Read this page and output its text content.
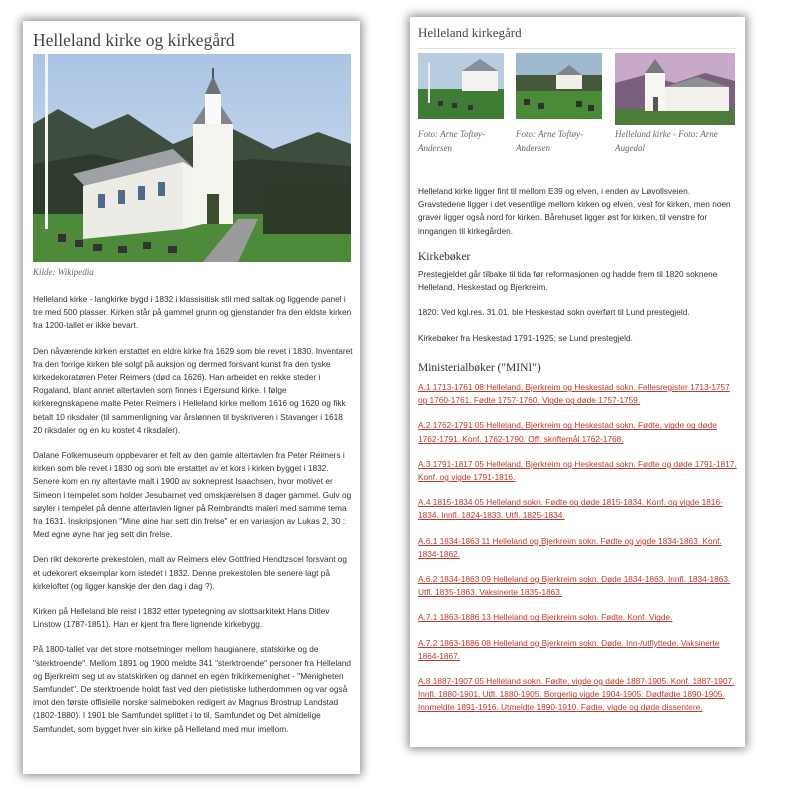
Helleland kirke og kirkegård
Kilde: Wikipedia

Helleland kirke - langkirke bygd i 1832 i klassisitisk stil med saltak og liggende panel i tre med 500 plasser. Kirken står på gammel grunn og gjenstander fra den eldste kirken fra 1200-tallet er ikke bevart.

Den nåværende kirken erstattet en eldre kirke fra 1629 som ble revet i 1830. Inventaret fra den forrige kirken ble solgt på auksjon og dermed forsvant kunst fra den tyske kirkedekoratøren Peter Reimers (død ca 1626). Han arbeidet en rekke steder i Rogaland, blant annet altertavlen som finnes i Egersund kirke. I følge kirkeregnskapene malte Peter Reimers i Helleland kirke mellom 1616 og 1620 og fikk betalt 10 riksdaler (til sammenligning var årslønnen til byskriveren i Stavanger i 1618 20 riksdaler og en ku kostet 4 riksdaler).

Dalane Folkemuseum oppbevarer et felt av den gamle altertavlen fra Peter Reimers i kirken som ble revet i 1830 og som ble erstattet av et kors i kirken bygget i 1832. Senere kom en ny altertavle malt i 1900 av sokneprest Isaachsen, hvor motivet er Simeon i tempelet som holder Jesubarnet ved omskjærelsen 8 dager gammel. Gulv og søyler i tempelet på denne altertavlen ligner på Rembrandts maleri med samme tema fra 1631. Inskripsjonen "Mine øine har sett din frelse" er en variasjon av Lukas 2, 30 : Med egne øyne har jeg sett din frelse.

Den rikt dekorerte prekestolen, malt av Reimers elev Gottfried Hendtzscel forsvant og et udekorert eksemplar kom istedet i 1832. Denne prekestolen ble senere lagt på kirkeloftet (og ligger kanskje der den dag i dag ?).

Kirken på Helleland ble reist i 1832 etter typetegning av slottsarkitekt Hans Ditlev Linstow (1787-1851). Han er kjent fra flere lignende kirkebygg.

På 1800-tallet var det store motsetninger mellom haugianere, statskirke og de "sterktroende". Mellom 1891 og 1900 meldte 341 "sterktroende" personer fra Helleland og Bjerkreim seg ut av statskirken og dannet en egen frikirkemenighet - "Menigheten Samfundet". De sterktroende holdt fast ved den pietistiske lutherdommen og var også imot den første offisielle norske salmeboken redigert av Magnus Brostrup Landstad (1802-1880). I 1901 ble Samfundet splittet i to til, Samfundet og Det almidelige Samfundet, som bygget hver sin kirke på Helleland med mur imellom.

Helleland kirkegård
Foto: Arne Toftøy-Andersen
Foto: Arne Toftøy-Andersen
Helleland kirke - Foto: Arne Augedal
Helleland kirke ligger fint til mellom E39 og elven, i enden av Løvollsveien. Gravstedene ligger i det vesentlige mellom kirken og elven, vest for kirken, men noen graver ligger også nord for kirken. Bårehuset ligger øst for kirken, til venstre for inngangen til kirkegården.
Kirkebøker

Prestegjeldet går tilbake til tida før reformasjonen og hadde frem til 1820 soknene Helleland, Heskestad og Bjerkreim.

1820: Ved kgl.res. 31.01. ble Heskestad sokn overført til Lund prestegjeld.

Kirkebøker fra Heskestad 1791-1925; se Lund prestegjeld.

Ministerialbøker ("MINI")
A.1 1713-1761 08 Helleland, Bjerkreim og Heskestad sokn. Fellesregister 1713-1757 og 1760-1761. Fødte 1757-1760. Vigde og døde 1757-1759.
A.2 1762-1791 05 Helleland, Bjerkreim og Heskestad sokn. Fødte, vigde og døde 1762-1791. Konf. 1762-1790. Off. skriftemål 1762-1768.
A.3 1791-1817 05 Helleland, Bjerkreim og Heskestad sokn. Fødte og døde 1791-1817. Konf. og vigde 1791-1816.
A.4 1815-1834 05 Helleland sokn. Fødte og døde 1815-1834. Konf. og vigde 1816-1834. Innfl. 1824-1833. Utfl. 1825-1834.
A.6.1 1834-1863 11 Helleland og Bjerkreim sokn. Fødte og vigde 1834-1863. Konf. 1834-1862.
A.6.2 1834-1863 09 Helleland og Bjerkreim sokn. Døde 1834-1863. Innfl. 1834-1863. Utfl. 1835-1863. Vaksinerte 1835-1863.
A.7.1 1863-1886 13 Helleland og Bjerkreim sokn. Fødte. Konf. Vigde.
A.7.2 1863-1886 08 Helleland og Bjerkreim sokn. Døde. Inn-/utflyttede. Vaksinerte 1864-1867.
A.8 1887-1907 05 Helleland sokn. Fødte, vigde og døde 1887-1905. Konf. 1887-1907. Innfl. 1880-1901. Utfl. 1880-1905. Borgerlig vigde 1904-1905. Dødfødte 1890-1905. Innmeldte 1891-1916. Utmeldte 1890-1910. Fødte, vigde og døde dissentere.
